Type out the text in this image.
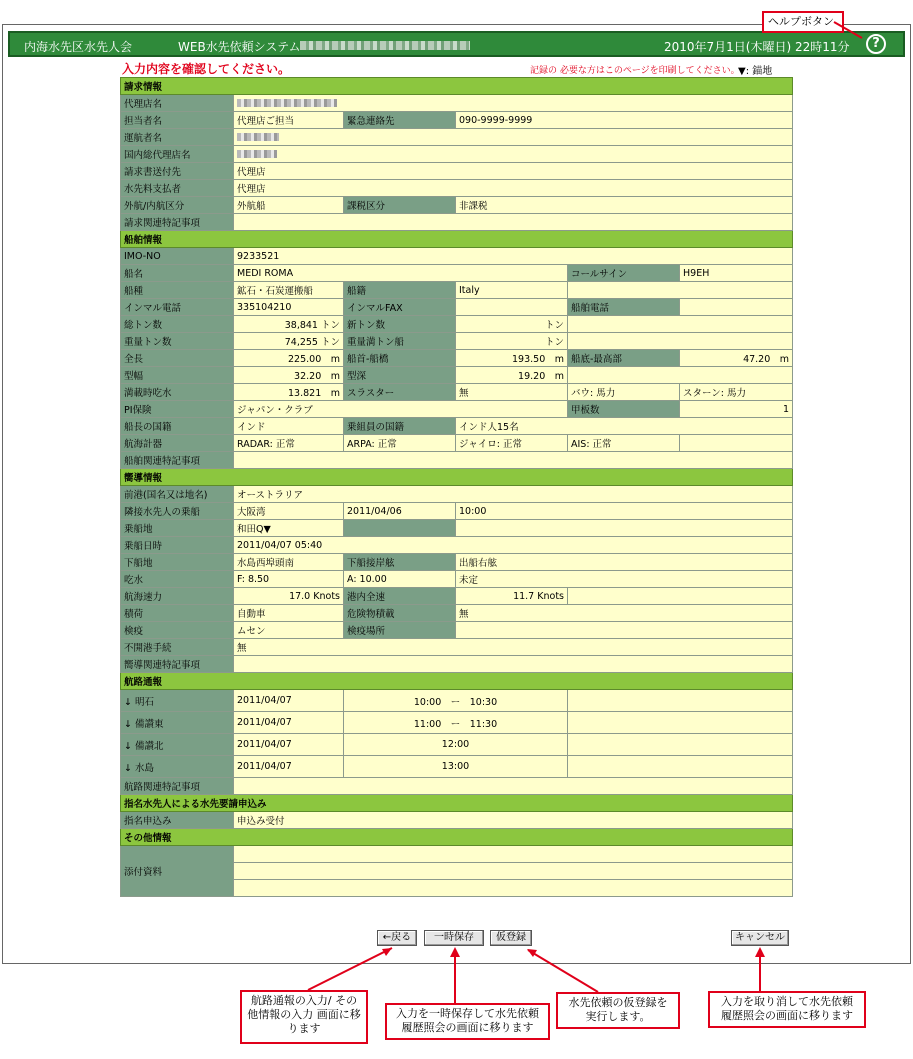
内海水先区水先人会	WEB水先依頼システム	2010年7月1日(木曜日) 22時11分	?
ヘルプボタン
入力内容を確認してください。	記録の 必要な方はこのページを印刷してください。
▼: 錨地
請求情報					
代理店名					
担当者名	代理店ご担当	緊急連絡先	090-9999-9999		
運航者名					
国内総代理店名					
請求書送付先	代理店				
水先料支払者	代理店				
外航/内航区分	外航船	課税区分	非課税		
請求関連特記事項					
船舶情報					
IMO-NO	9233521				
船名	MEDI ROMA			コールサイン	H9EH
船種	鉱石・石炭運搬船	船籍	Italy		
インマル電話	335104210	インマルFAX		船舶電話	
総トン数	38,841 トン	新トン数	トン		
重量トン数	74,255 トン	重量満トン船	トン		
全長	225.00　m	船首-船橋	193.50　m	船底-最高部	47.20　m
型幅	32.20　m	型深	19.20　m		
満載時吃水	13.821　m	スラスター	無	バウ: 馬力	スターン: 馬力
PI保険	ジャパン・クラブ			甲板数	1
船長の国籍	インド	乗組員の国籍	インド人15名		
航海計器	RADAR: 正常	ARPA: 正常	ジャイロ: 正常	AIS: 正常	
船舶関連特記事項					
嚮導情報					
前港(国名又は地名)	オーストラリア				
隣接水先人の乗船	大阪湾	2011/04/06	10:00		
乗船地	和田Q▼				
乗船日時	2011/04/07 05:40				
下船地	水島西埠頭南	下船接岸舷	出船右舷		
吃水	F: 8.50	A: 10.00	未定		
航海速力	17.0 Knots	港内全速	11.7 Knots		
積荷	自動車	危険物積載	無		
検疫	ムセン	検疫場所			
不開港手続	無				
嚮導関連特記事項					
航路通報					
↓ 明石	2011/04/07	10:00　ー　10:30			
↓ 備讃東	2011/04/07	11:00　ー　11:30			
↓ 備讃北	2011/04/07	12:00			
↓ 水島	2011/04/07	13:00			
航路関連特記事項					
指名水先人による水先要請申込み					
指名申込み	申込み受付				
その他情報					
添付資料					

←戻る	一時保存	仮登録	キャンセル
航路通報の入力/ その他情報の入力 画面に移ります
入力を一時保存して水先依頼 履歴照会の画面に移ります
水先依頼の仮登録を 実行します。
入力を取り消して水先依頼 履歴照会の画面に移ります
